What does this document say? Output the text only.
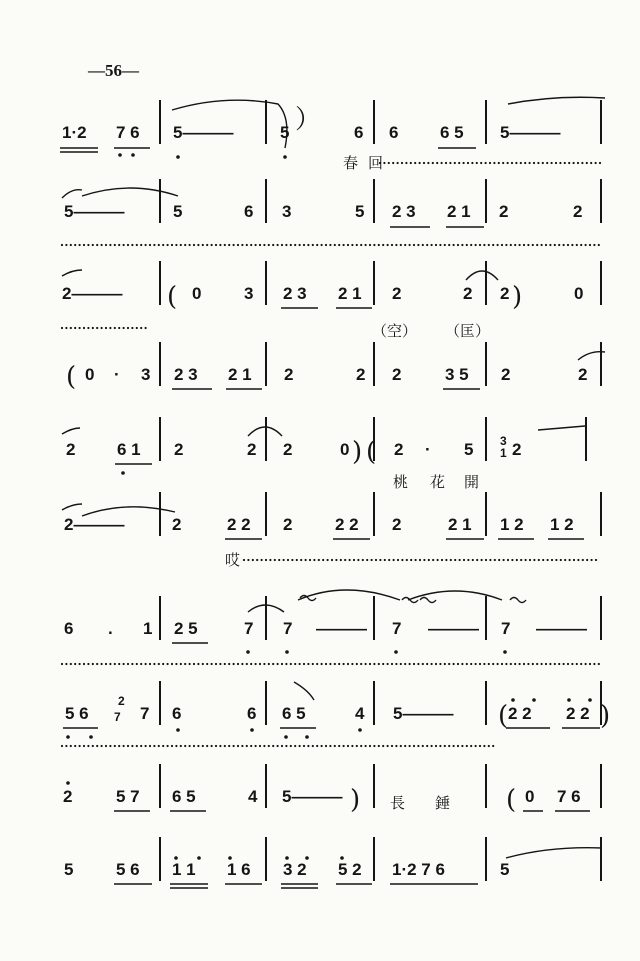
—56—
1·2 7 6 5———	5	6 6 6 5 5———
）
春 回
5———	5	6 3	5 2 3 2 1 2	2
2———	0	3 2 3 2 1 2	2 2	0
(	)
（空） （匡）
0 · 3 2 3 2 1 2	2 2	3 5 2	2
(
2 6 1 2	2 2	0	2 · 5 3
1 2
) (
桃 花 開
2———	2	2 2 2	2 2 2	2 1 1 2 1 2
哎
6 . 1 2 5	7 7 ——— 7 ——— 7 ———
5 6
2
7 7 6	6 6 5	4 5———	2 2 2 2
(	)
2	5 7 6 5	4 5———	0 7 6
)	(
長 錘
5	5 6 1 1 1 6 3 2 5 2 1·2 7 6	5
